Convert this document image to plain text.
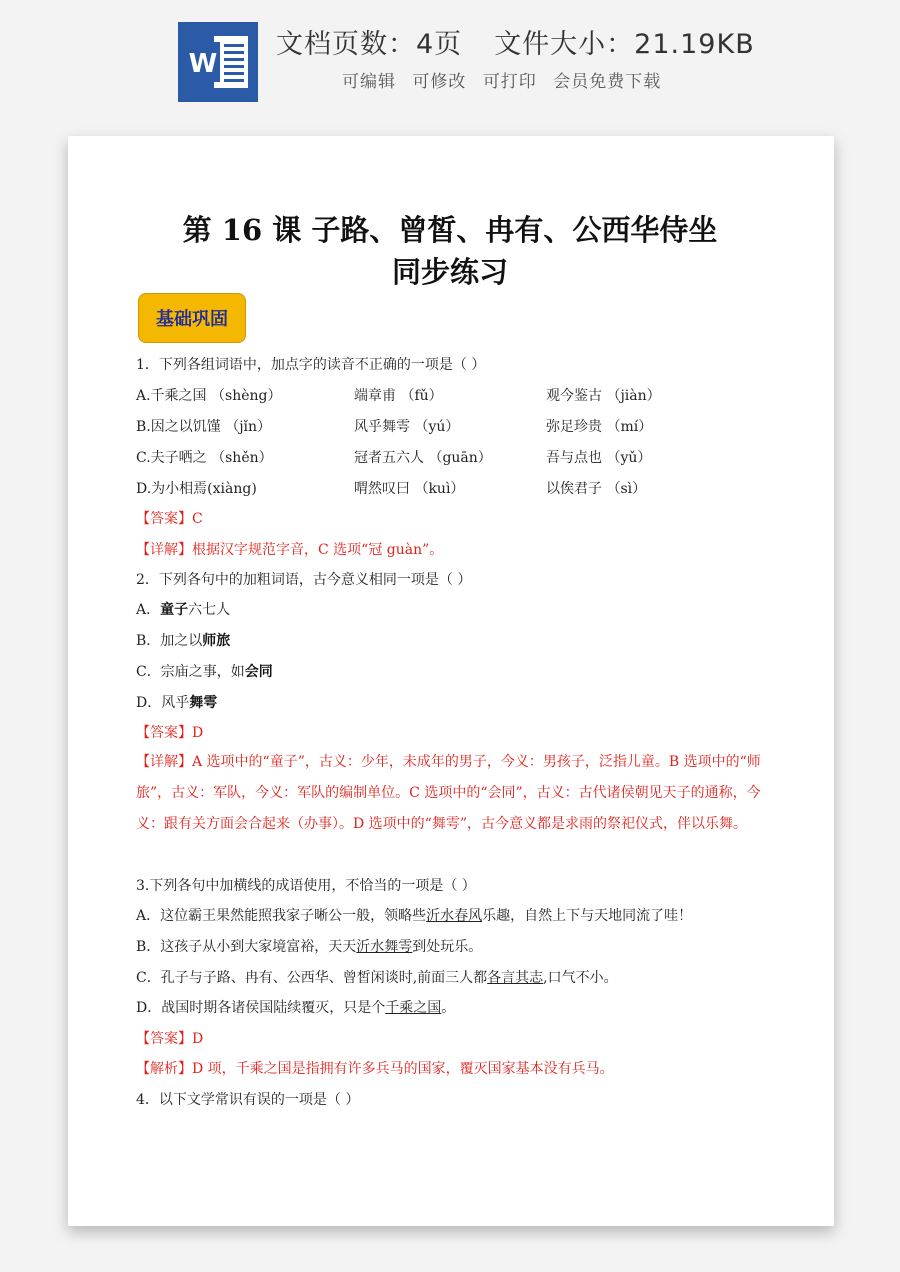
W
文档页数：4页 文件大小：21.19KB
可编辑 可修改 可打印 会员免费下载
第 16 课 子路、曾皙、冉有、公西华侍坐
同步练习
基础巩固
1．下列各组词语中，加点字的读音不正确的一项是（ ）
A.千乘之国 （shèng）	端章甫 （fǔ）	观今鉴古 （jiàn）
B.因之以饥馑 （jǐn）	风乎舞雩 （yú）	弥足珍贵 （mí）
C.夫子哂之 （shěn）	冠者五六人 （guān）	吾与点也 （yǔ）
D.为小相焉(xiàng)	喟然叹曰 （kuì）	以俟君子 （sì）
【答案】C
【详解】根据汉字规范字音，C 选项“冠 guàn”。
2．下列各句中的加粗词语，古今意义相同一项是（ ）
A．童子六七人
B．加之以师旅
C．宗庙之事，如会同
D．风乎舞雩
【答案】D
【详解】A 选项中的“童子”，古义：少年，未成年的男子，今义：男孩子，泛指儿童。B 选项中的“师旅”，古义：军队，今义：军队的编制单位。C 选项中的“会同”，古义：古代诸侯朝见天子的通称，今义：跟有关方面会合起来（办事）。D 选项中的“舞雩”，古今意义都是求雨的祭祀仪式，伴以乐舞。
3.下列各句中加横线的成语使用，不恰当的一项是（ ）
A．这位霸王果然能照我家子晰公一般，领略些沂水春风乐趣，自然上下与天地同流了哇！
B．这孩子从小到大家境富裕，天天沂水舞雩到处玩乐。
C．孔子与子路、冉有、公西华、曾皙闲谈时,前面三人都各言其志,口气不小。
D．战国时期各诸侯国陆续覆灭，只是个千乘之国。
【答案】D
【解析】D 项，千乘之国是指拥有许多兵马的国家，覆灭国家基本没有兵马。
4．以下文学常识有误的一项是（ ）
